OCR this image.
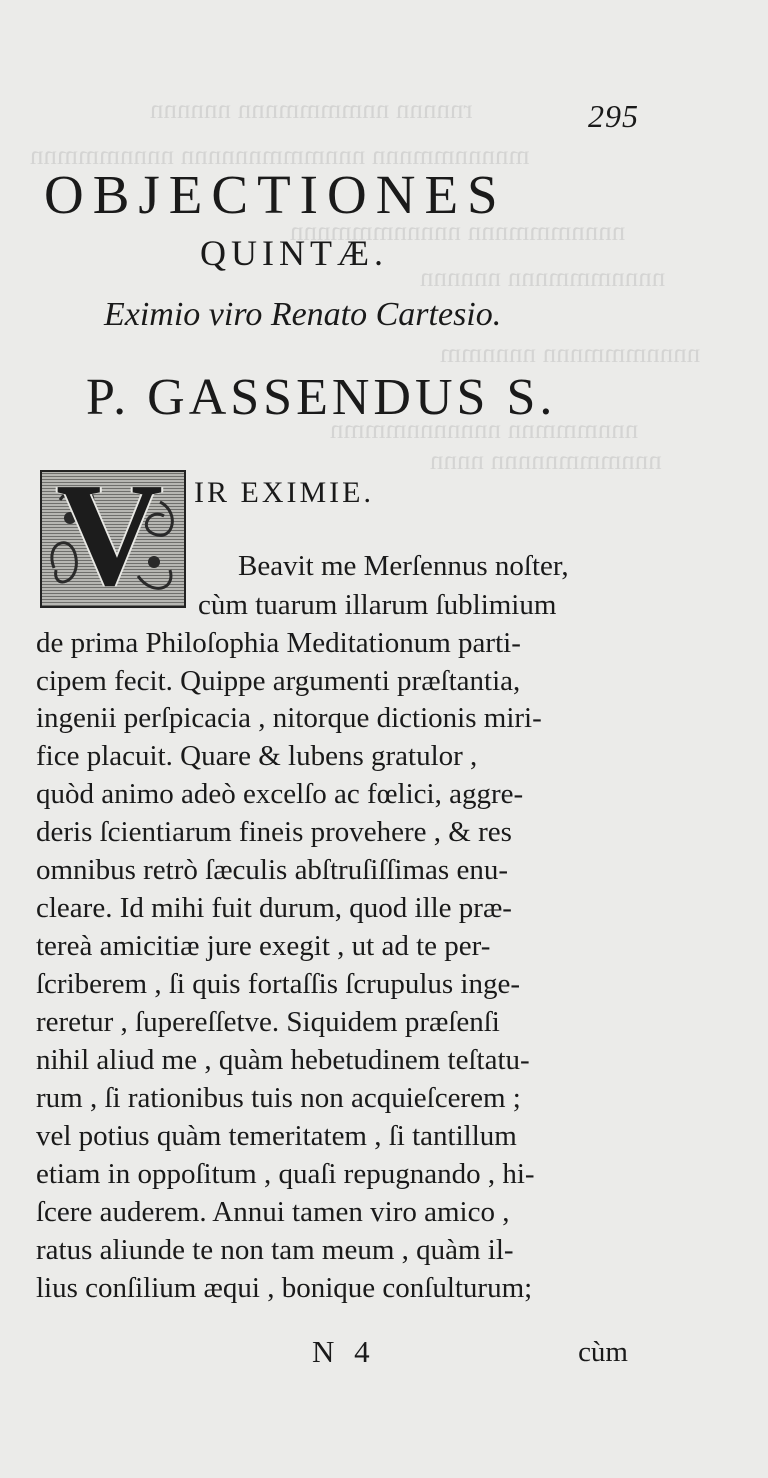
rnnnnn nnmmmmnnn nnnnnn
mnnnnmmnnn nnnmmmnnnnnn nnnnmmmnn
nnnnmmmnnn nnnnnmmmnnn
nnnnmmmnnn nnnnnn
nnnnmmmnnn nnnnmm
nnnmmmnn nnnnnnnmmmn
nnnmmmnnnnn nnnn
295
OBJECTIONES
QUINTÆ.
Eximio viro Renato Cartesio.
P. GASSENDUS S.
V IR EXIMIE.
Beavit me Merſennus noſter,
cùm tuarum illarum ſublimium
de prima Philoſophia Meditationum parti-
cipem fecit. Quippe argumenti præſtantia,
ingenii perſpicacia , nitorque dictionis miri-
fice placuit. Quare & lubens gratulor ,
quòd animo adeò excelſo ac fœlici, aggre-
deris ſcientiarum fineis provehere , & res
omnibus retrò ſæculis abſtruſiſſimas enu-
cleare. Id mihi fuit durum, quod ille præ-
tereà amicitiæ jure exegit , ut ad te per-
ſcriberem , ſi quis fortaſſis ſcrupulus inge-
reretur , ſupereſſetve. Siquidem præſenſi
nihil aliud me , quàm hebetudinem teſtatu-
rum , ſi rationibus tuis non acquieſcerem ;
vel potius quàm temeritatem , ſi tantillum
etiam in oppoſitum , quaſi repugnando , hi-
ſcere auderem. Annui tamen viro amico ,
ratus aliunde te non tam meum , quàm il-
lius conſilium æqui , bonique conſulturum;
N 4	cùm
